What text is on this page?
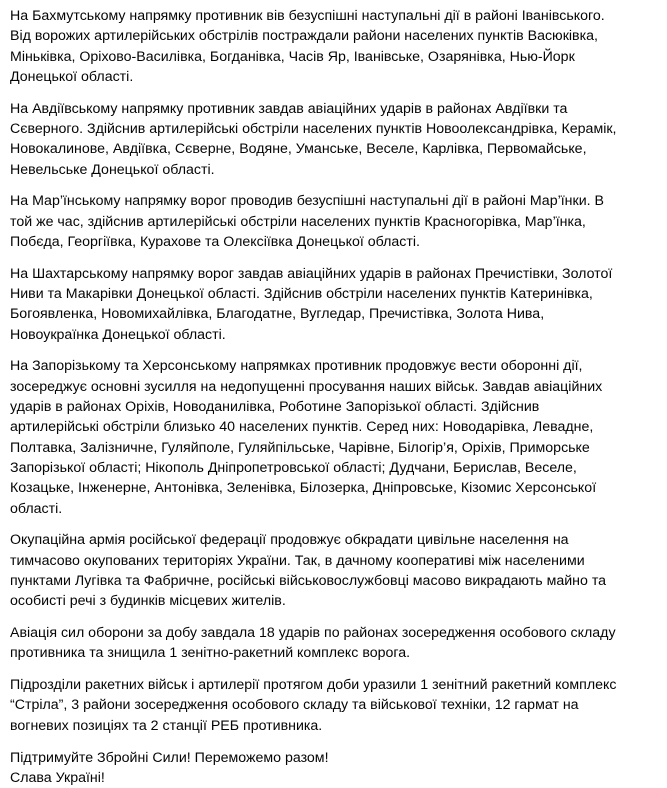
На Бахмутському напрямку противник вів безуспішні наступальні дії в районі Іванівського.
Від ворожих артилерійських обстрілів постраждали райони населених пунктів Васюківка,
Міньківка, Оріхово-Василівка, Богданівка, Часів Яр, Іванівське, Озарянівка, Нью-Йорк
Донецької області.

На Авдіївському напрямку противник завдав авіаційних ударів в районах Авдіївки та
Сєверного. Здійснив артилерійські обстріли населених пунктів Новоолександрівка, Керамік,
Новокалинове, Авдіївка, Сєверне, Водяне, Уманське, Веселе, Карлівка, Первомайське,
Невельське Донецької області.

На Мар’їнському напрямку ворог проводив безуспішні наступальні дії в районі Мар’їнки. В
той же час, здійснив артилерійські обстріли населених пунктів Красногорівка, Мар’їнка,
Побєда, Георгіївка, Курахове та Олексіївка Донецької області.

На Шахтарському напрямку ворог завдав авіаційних ударів в районах Пречистівки, Золотої
Ниви та Макарівки Донецької області. Здійснив обстріли населених пунктів Катеринівка,
Богоявленка, Новомихайлівка, Благодатне, Вугледар, Пречистівка, Золота Нива,
Новоукраїнка Донецької області.

На Запорізькому та Херсонському напрямках противник продовжує вести оборонні дії,
зосереджує основні зусилля на недопущенні просування наших військ. Завдав авіаційних
ударів в районах Оріхів, Новоданилівка, Роботине Запорізької області. Здійснив
артилерійські обстріли близько 40 населених пунктів. Серед них: Новодарівка, Левадне,
Полтавка, Залізничне, Гуляйполе, Гуляйпільське, Чарівне, Білогір’я, Оріхів, Приморське
Запорізької області; Нікополь Дніпропетровської області; Дудчани, Берислав, Веселе,
Козацьке, Інженерне, Антонівка, Зеленівка, Білозерка, Дніпровське, Кізомис Херсонської
області.

Окупаційна армія російської федерації продовжує обкрадати цивільне населення на
тимчасово окупованих територіях України. Так, в дачному кооперативі між населеними
пунктами Лугівка та Фабричне, російські військовослужбовці масово викрадають майно та
особисті речі з будинків місцевих жителів.

Авіація сил оборони за добу завдала 18 ударів по районах зосередження особового складу
противника та знищила 1 зенітно-ракетний комплекс ворога.

Підрозділи ракетних військ і артилерії протягом доби уразили 1 зенітний ракетний комплекс
“Стріла”, 3 райони зосередження особового складу та військової техніки, 12 гармат на
вогневих позиціях та 2 станції РЕБ противника.

Підтримуйте Збройні Сили! Переможемо разом!
Слава Україні!
